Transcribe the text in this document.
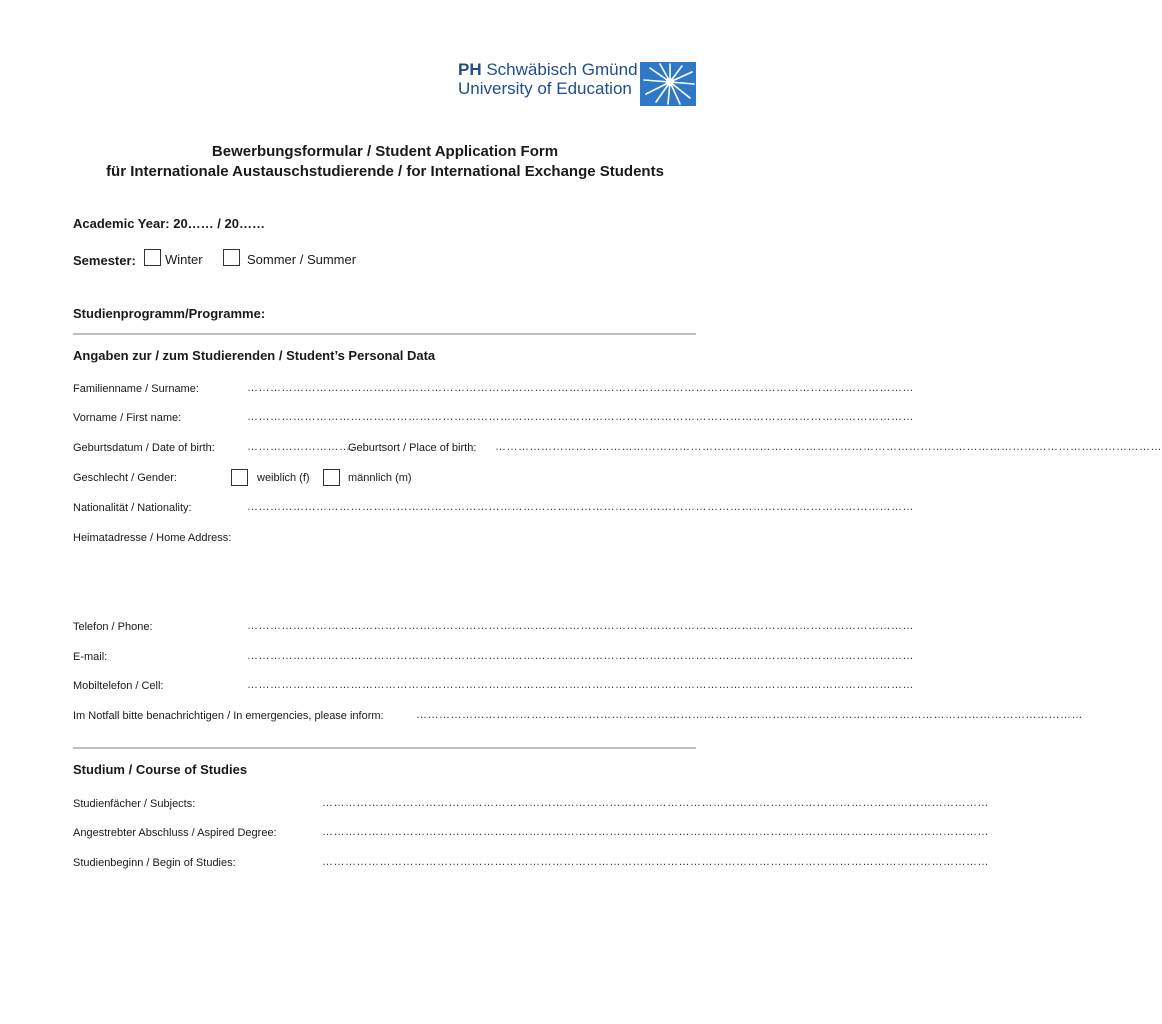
PH Schwäbisch Gmünd
University of Education
Bewerbungsformular / Student Application Form
für Internationale Austauschstudierende / for International Exchange Students
Academic Year: 20…… / 20……
Semester: Winter	Sommer / Summer
Studienprogramm/Programme:
Angaben zur / zum Studierenden / Student’s Personal Data
Familienname / Surname:	…………………………………………………………………………………………………………………………………………………………
Vorname / First name:	…………………………………………………………………………………………………………………………………………………………
Geburtsdatum / Date of birth:	……………………….
Geburtsort / Place of birth: …………………………………………………………………………………………………………………………………………………………
Geschlecht / Gender:	weiblich (f)	männlich (m)
Nationalität / Nationality:	…………………………………………………………………………………………………………………………………………………………
Heimatadresse / Home Address:
Telefon / Phone:	…………………………………………………………………………………………………………………………………………………………
E-mail:	…………………………………………………………………………………………………………………………………………………………
Mobiltelefon / Cell:	…………………………………………………………………………………………………………………………………………………………
Im Notfall bitte benachrichtigen / In emergencies, please inform:	…………………………………………………………………………………………………………………………………………………………
Studium / Course of Studies
Studienfächer / Subjects:	…………………………………………………………………………………………………………………………………………………………
Angestrebter Abschluss / Aspired Degree:	…………………………………………………………………………………………………………………………………………………………
Studienbeginn / Begin of Studies:	…………………………………………………………………………………………………………………………………………………………
